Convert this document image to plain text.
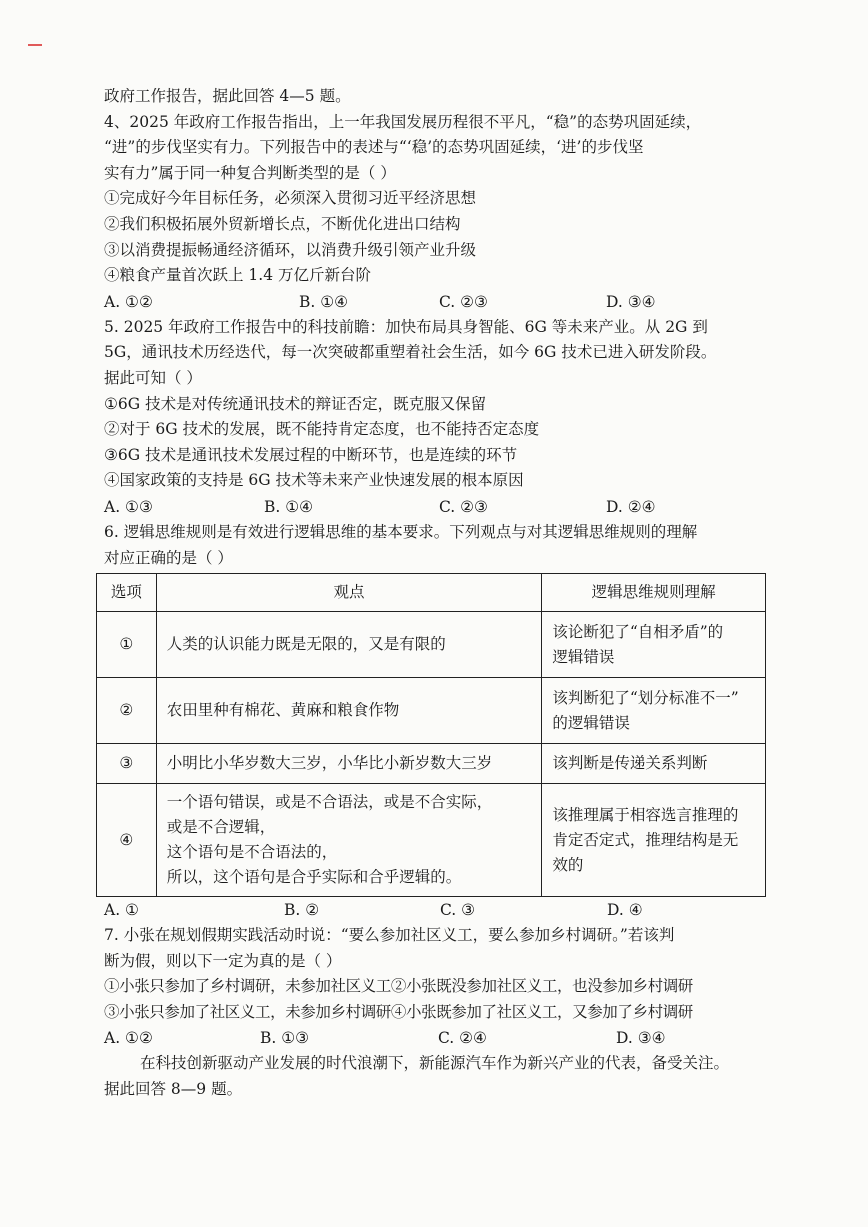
政府工作报告，据此回答 4—5 题。
4、2025 年政府工作报告指出，上一年我国发展历程很不平凡，“稳”的态势巩固延续，
“进”的步伐坚实有力。下列报告中的表述与“‘稳’的态势巩固延续，‘进’的步伐坚
实有力”属于同一种复合判断类型的是（ ）
①完成好今年目标任务，必须深入贯彻习近平经济思想
②我们积极拓展外贸新增长点，不断优化进出口结构
③以消费提振畅通经济循环，以消费升级引领产业升级
④粮食产量首次跃上 1.4 万亿斤新台阶
A. ①②	B. ①④	C. ②③	D. ③④
5. 2025 年政府工作报告中的科技前瞻：加快布局具身智能、6G 等未来产业。从 2G 到
5G，通讯技术历经迭代，每一次突破都重塑着社会生活，如今 6G 技术已进入研发阶段。
据此可知（ ）
①6G 技术是对传统通讯技术的辩证否定，既克服又保留
②对于 6G 技术的发展，既不能持肯定态度，也不能持否定态度
③6G 技术是通讯技术发展过程的中断环节，也是连续的环节
④国家政策的支持是 6G 技术等未来产业快速发展的根本原因
A. ①③	B. ①④	C. ②③	D. ②④
6. 逻辑思维规则是有效进行逻辑思维的基本要求。下列观点与对其逻辑思维规则的理解
对应正确的是（ ）
选项	观点	逻辑思维规则理解
①	人类的认识能力既是无限的，又是有限的	该论断犯了“自相矛盾”的
逻辑错误

②	农田里种有棉花、黄麻和粮食作物	该判断犯了“划分标准不一”
的逻辑错误

③	小明比小华岁数大三岁，小华比小新岁数大三岁	该判断是传递关系判断

④	一个语句错误，或是不合语法，或是不合实际，
或是不合逻辑，
这个语句是不合语法的，
所以，这个语句是合乎实际和合乎逻辑的。	该推理属于相容选言推理的
肯定否定式，推理结构是无
效的
A. ①	B. ②	C. ③	D. ④
7. 小张在规划假期实践活动时说：“要么参加社区义工，要么参加乡村调研。”若该判
断为假，则以下一定为真的是（ ）
①小张只参加了乡村调研，未参加社区义工②小张既没参加社区义工，也没参加乡村调研
③小张只参加了社区义工，未参加乡村调研④小张既参加了社区义工，又参加了乡村调研
A. ①②	B. ①③	C. ②④	D. ③④
在科技创新驱动产业发展的时代浪潮下，新能源汽车作为新兴产业的代表，备受关注。
据此回答 8—9 题。
